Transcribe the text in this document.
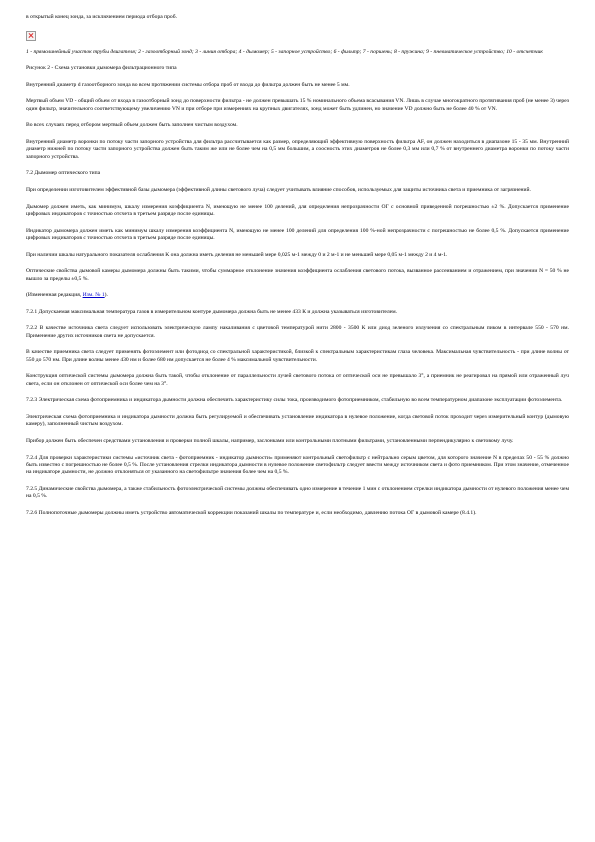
в открытый конец зонда, за исключением периода отбора проб.

1 - прямолинейный участок трубы двигателя; 2 - газоотборный зонд; 3 - линия отбора; 4 - дымомер; 5 - запорное устройство; 6 - фильтр; 7 - поршень; 8 - пружина; 9 - пневматическое устройство; 10 - отсчетчик

Рисунок 2 - Схема установки дымомера фильтрационного типа

Внутренний диаметр d газоотборного зонда во всем протяжении системы отбора проб от входа до фильтра должен быть не менее 5 мм.

Мертвый объем VD - общий объем от входа в газоотборный зонд до поверхности фильтра - не должен превышать 15 % номинального объема всасывания VN. Лишь в случае многократного протягивания проб (не менее 3) через один фильтр, значительного соответствующему увеличению VN и при отборе при измерениях на крупных двигателях, зонд может быть удлинен, но значение VD должно быть не более 40 % от VN.

Во всех случаях перед отбором мертвый объем должен быть заполнен чистым воздухом.

Внутренний диаметр воронки по потоку части запорного устройства для фильтра рассчитывается как размер, определяющий эффективную поверхность фильтра AF, он должен находиться в диапазоне 15 - 35 мм. Внутренний диаметр нижней по потоку части запорного устройства должен быть таким же или не более чем на 0,5 мм большим, а соосность этих диаметров не более 0,3 мм или 0,7 % от внутреннего диаметра воронки по потоку части запорного устройства.

7.2 Дымомер оптического типа

При определении изготовителем эффективной базы дымомера (эффективной длины светового луча) следует учитывать влияние способов, используемых для защиты источника света и приемника от загрязнений.

Дымомер должен иметь, как минимум, шкалу измерения коэффициента N, имеющую не менее 100 делений, для определения непрозрачности ОГ с основной приведенной погрешностью ±2 %. Допускается применение цифровых индикаторов с точностью отсчета в третьем разряде после единицы.

Индикатор дымомера должен иметь как минимум шкалу измерения коэффициента N, имеющую не менее 100 делений для определения 100 %-ной непрозрачности с погрешностью не более 0,5 %. Допускается применение цифровых индикаторов с точностью отсчета в третьем разряде после единицы.

При наличии шкалы натурального показателя ослабления K она должна иметь деления не меньшей мере 0,025 м-1 между 0 и 2 м-1 и не меньшей мере 0,05 м-1 между 2 и 4 м-1.

Оптические свойства дымовой камеры дымомера должны быть такими, чтобы суммарное отклонение значения коэффициента ослабления светового потока, вызванное рассеиванием и отражением, при значении N = 50 % не вышло за пределы ±0,5 %.

(Измененная редакция, Изм. № 1).

7.2.1 Допускаемая максимальная температура газов в измерительном контуре дымомера должна быть не менее 433 К и должна указываться изготовителем.

7.2.2 В качестве источника света следует использовать электрическую лампу накаливания с цветовой температурой нити 2800 - 3500 К или диод зеленого излучения со спектральным пиком в интервале 550 - 570 нм. Применение других источников света не допускается.

В качестве приемника света следует применять фотоэлемент или фотодиод со спектральной характеристикой, близкой к спектральным характеристикам глаза человека. Максимальная чувствительность - при длине волны от 550 до 570 нм. При длине волны менее 430 нм и более 680 нм допускается не более 4 % максимальной чувствительности.

Конструкция оптической системы дымомера должна быть такой, чтобы отклонение от параллельности лучей светового потока от оптической оси не превышало 3°, а приемник не реагировал на прямой или отраженный луч света, если он отклонен от оптической оси более чем на 3°.

7.2.3 Электрическая схема фотоприемника и индикатора дымности должна обеспечить характеристику силы тока, производимого фотоприемником, стабильную во всем температурном диапазоне эксплуатации фотоэлемента.

Электрическая схема фотоприемника и индикатора дымности должна быть регулируемой и обеспечивать установление индикатора в нулевое положение, когда световой поток проходит через измерительный контур (дымовую камеру), заполненный чистым воздухом.

Прибор должен быть обеспечен средствами установления и проверки полной шкалы, например, заслонками или контрольными плотными фильтрами, установленными перпендикулярно к световому лучу.

7.2.4 Для проверки характеристики системы «источник света - фотоприемник - индикатор дымности» применяют контрольный светофильтр с нейтрально серым цветом, для которого значение N в пределах 50 - 55 % должно быть известно с погрешностью не более 0,5 %. После установления стрелки индикатора дымности в нулевое положение светофильтр следует ввести между источником света и фото приемником. При этом значение, отмеченное на индикаторе дымности, не должно отклоняться от указанного на светофильтре значения более чем на 0,5 %.

7.2.5 Динамические свойства дымомера, а также стабильность фотоэлектрической системы должны обеспечивать одно измерение в течение 1 мин с отклонением стрелки индикатора дымности от нулевого положения менее чем на 0,5 %.

7.2.6 Полнопоточные дымомеры должны иметь устройство автоматической коррекции показаний шкалы по температуре и, если необходимо, давлению потока ОГ в дымовой камере (8.4.1).
